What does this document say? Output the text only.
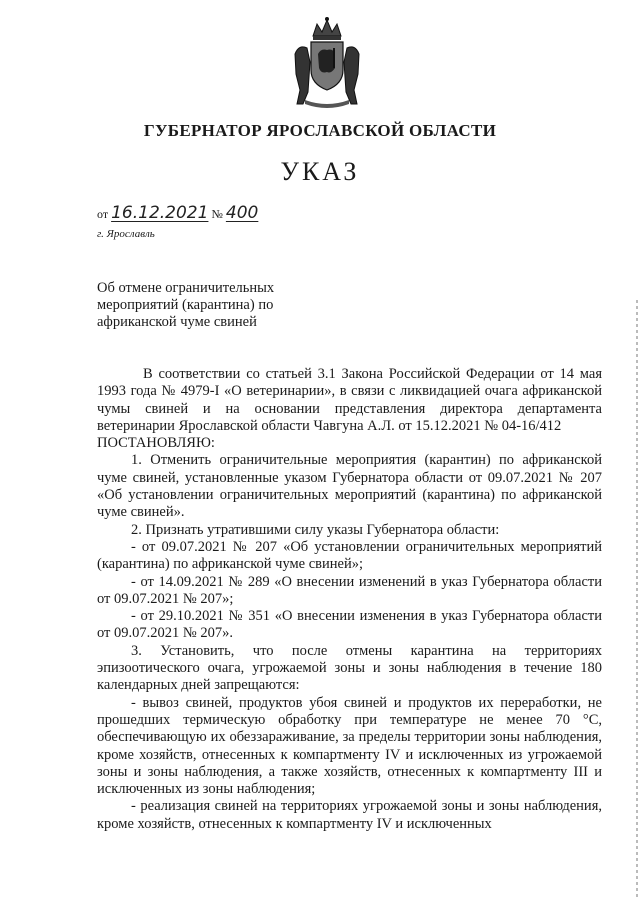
ГУБЕРНАТОР ЯРОСЛАВСКОЙ ОБЛАСТИ
УКАЗ
от 16.12.2021 № 400
г. Ярославль
Об отмене ограничительных
мероприятий (карантина) по
африканской чуме свиней

В соответствии со статьей 3.1 Закона Российской Федерации от 14 мая 1993 года № 4979-I «О ветеринарии», в связи с ликвидацией очага африканской чумы свиней и на основании представления директора департамента ветеринарии Ярославской области Чавгуна А.Л. от 15.12.2021 № 04-16/412

ПОСТАНОВЛЯЮ:

1. Отменить ограничительные мероприятия (карантин) по африканской чуме свиней, установленные указом Губернатора области от 09.07.2021 № 207 «Об установлении ограничительных мероприятий (карантина) по африканской чуме свиней».

2. Признать утратившими силу указы Губернатора области:

- от 09.07.2021 № 207 «Об установлении ограничительных мероприятий (карантина) по африканской чуме свиней»;

- от 14.09.2021 № 289 «О внесении изменений в указ Губернатора области от 09.07.2021 № 207»;

- от 29.10.2021 № 351 «О внесении изменения в указ Губернатора области от 09.07.2021 № 207».

3. Установить, что после отмены карантина на территориях эпизоотического очага, угрожаемой зоны и зоны наблюдения в течение 180 календарных дней запрещаются:

- вывоз свиней, продуктов убоя свиней и продуктов их переработки, не прошедших термическую обработку при температуре не менее 70 °С, обеспечивающую их обеззараживание, за пределы территории зоны наблюдения, кроме хозяйств, отнесенных к компартменту IV и исключенных из угрожаемой зоны и зоны наблюдения, а также хозяйств, отнесенных к компартменту III и исключенных из зоны наблюдения;

- реализация свиней на территориях угрожаемой зоны и зоны наблюдения, кроме хозяйств, отнесенных к компартменту IV и исключенных
